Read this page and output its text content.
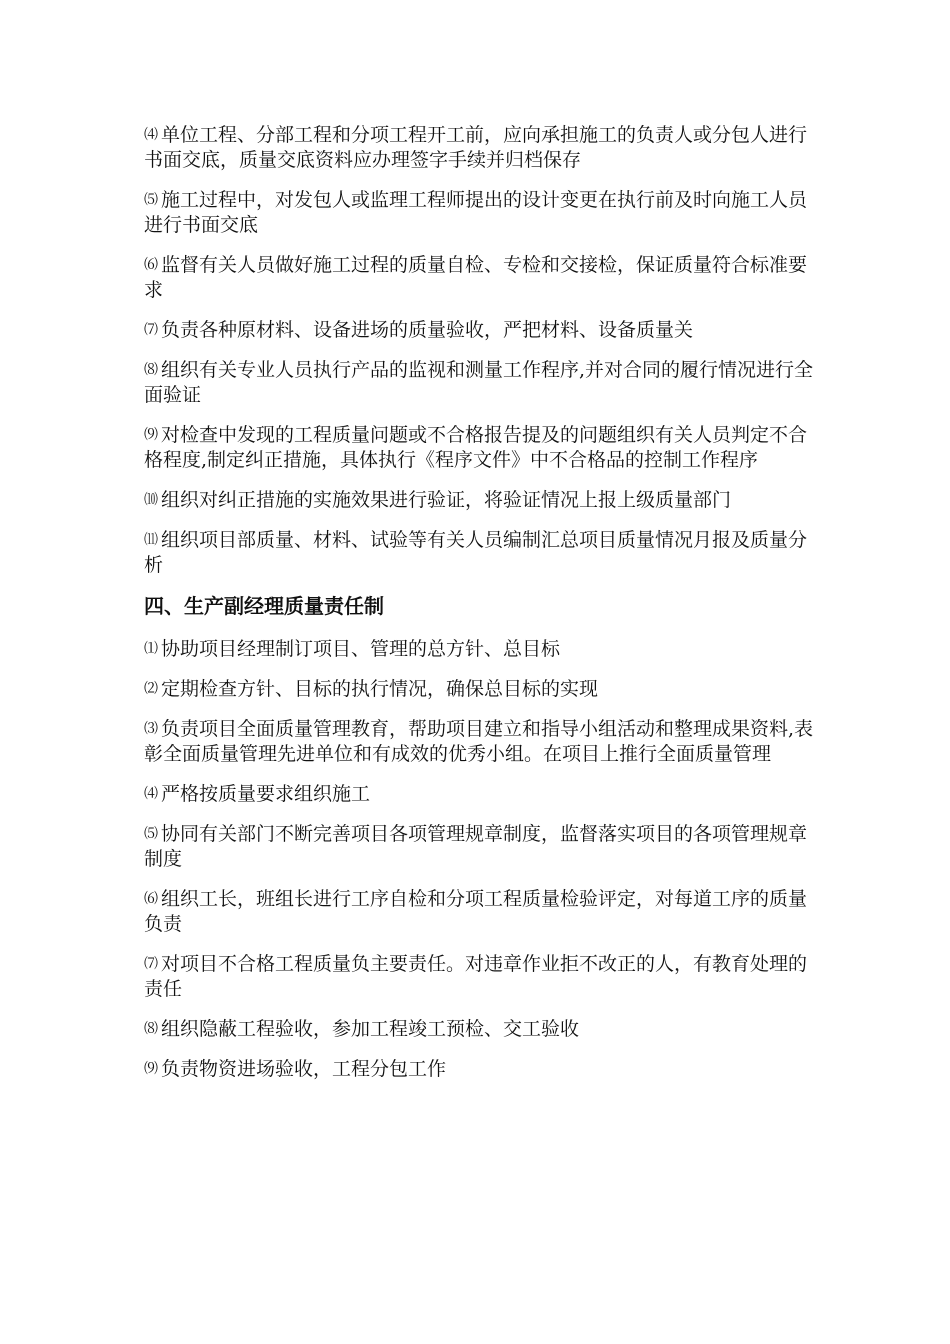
⑷ 单位工程、分部工程和分项工程开工前，应向承担施工的负责人或分包人进行书面交底，质量交底资料应办理签字手续并归档保存

⑸ 施工过程中，对发包人或监理工程师提出的设计变更在执行前及时向施工人员进行书面交底

⑹ 监督有关人员做好施工过程的质量自检、专检和交接检，保证质量符合标准要求

⑺ 负责各种原材料、设备进场的质量验收，严把材料、设备质量关

⑻ 组织有关专业人员执行产品的监视和测量工作程序,并对合同的履行情况进行全面验证

⑼ 对检查中发现的工程质量问题或不合格报告提及的问题组织有关人员判定不合格程度,制定纠正措施，具体执行《程序文件》中不合格品的控制工作程序

⑽ 组织对纠正措施的实施效果进行验证，将验证情况上报上级质量部门

⑾ 组织项目部质量、材料、试验等有关人员编制汇总项目质量情况月报及质量分析

四、生产副经理质量责任制

⑴ 协助项目经理制订项目、管理的总方针、总目标

⑵ 定期检查方针、目标的执行情况，确保总目标的实现

⑶ 负责项目全面质量管理教育，帮助项目建立和指导小组活动和整理成果资料,表彰全面质量管理先进单位和有成效的优秀小组。在项目上推行全面质量管理

⑷ 严格按质量要求组织施工

⑸ 协同有关部门不断完善项目各项管理规章制度，监督落实项目的各项管理规章制度

⑹ 组织工长，班组长进行工序自检和分项工程质量检验评定，对每道工序的质量负责

⑺ 对项目不合格工程质量负主要责任。对违章作业拒不改正的人，有教育处理的责任

⑻ 组织隐蔽工程验收，参加工程竣工预检、交工验收

⑼ 负责物资进场验收，工程分包工作
